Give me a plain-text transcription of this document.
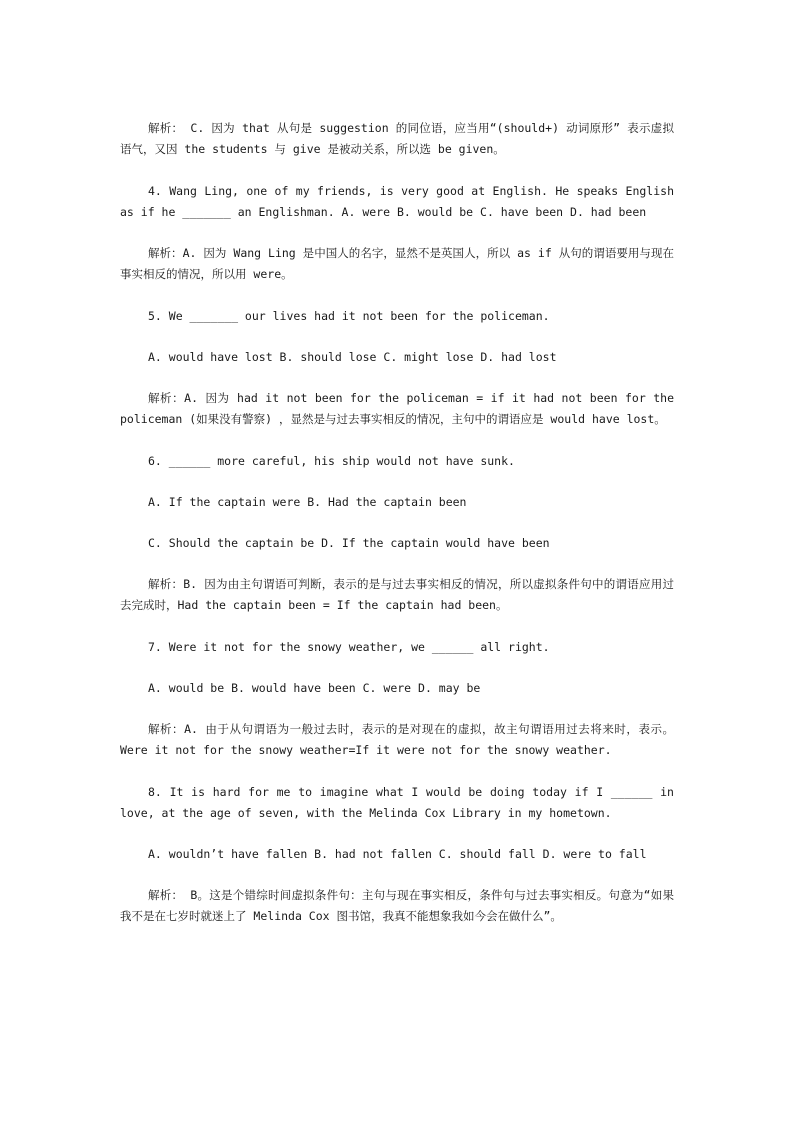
解析： C. 因为 that 从句是 suggestion 的同位语，应当用“(should+) 动词原形” 表示虚拟语气，又因 the students 与 give 是被动关系，所以选 be given。

4. Wang Ling, one of my friends, is very good at English. He speaks English as if he _______ an Englishman. A. were B. would be C. have been D. had been

解析：A. 因为 Wang Ling 是中国人的名字，显然不是英国人，所以 as if 从句的谓语要用与现在事实相反的情况，所以用 were。

5. We _______ our lives had it not been for the policeman.

A. would have lost B. should lose C. might lose D. had lost

解析：A. 因为 had it not been for the policeman = if it had not been for the policeman (如果没有警察) ，显然是与过去事实相反的情况，主句中的谓语应是 would have lost。

6. ______ more careful, his ship would not have sunk.

A. If the captain were B. Had the captain been

C. Should the captain be D. If the captain would have been

解析：B. 因为由主句谓语可判断，表示的是与过去事实相反的情况，所以虚拟条件句中的谓语应用过去完成时，Had the captain been = If the captain had been。

7. Were it not for the snowy weather, we ______ all right.

A. would be B. would have been C. were D. may be

解析：A. 由于从句谓语为一般过去时，表示的是对现在的虚拟，故主句谓语用过去将来时，表示。Were it not for the snowy weather=If it were not for the snowy weather.

8. It is hard for me to imagine what I would be doing today if I ______ in love, at the age of seven, with the Melinda Cox Library in my hometown.

A. wouldn’t have fallen B. had not fallen C. should fall D. were to fall

解析： B。这是个错综时间虚拟条件句：主句与现在事实相反，条件句与过去事实相反。句意为“如果我不是在七岁时就迷上了 Melinda Cox 图书馆，我真不能想象我如今会在做什么”。
